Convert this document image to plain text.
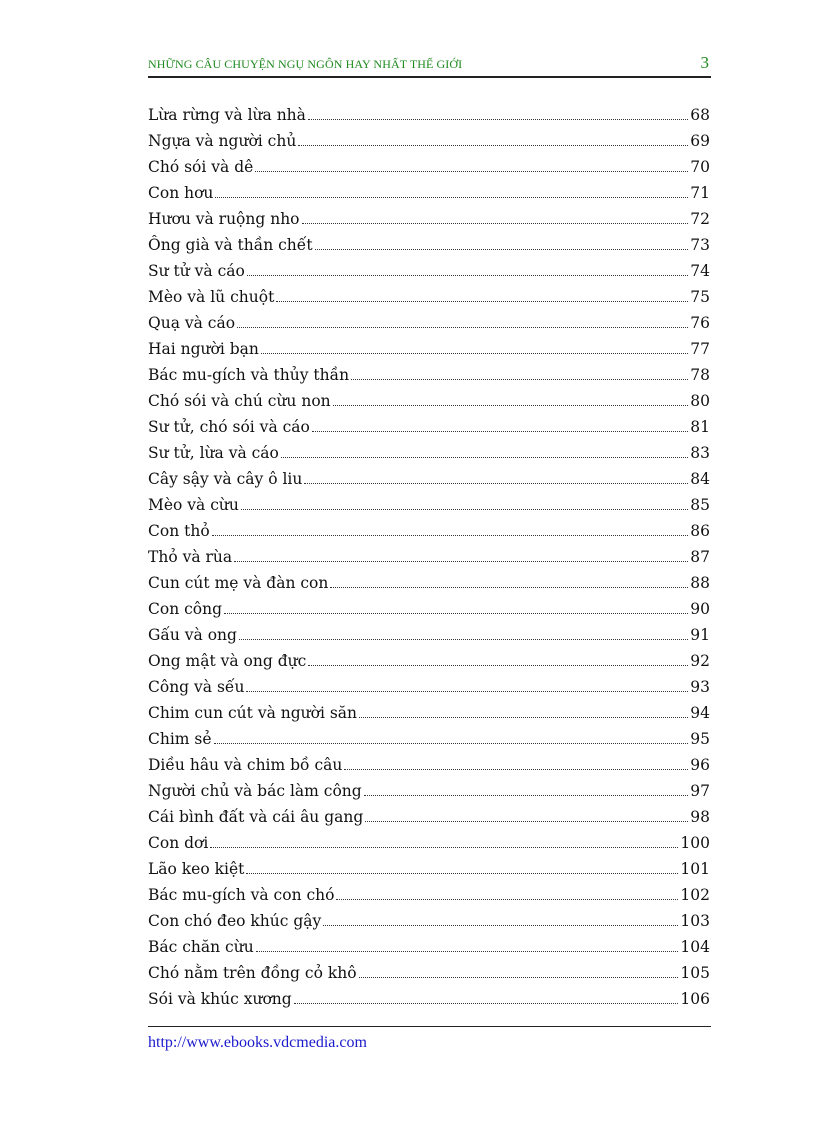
NHỮNG CÂU CHUYỆN NGỤ NGÔN HAY NHẤT THẾ GIỚI	3
Lừa rừng và lừa nhà	68
Ngựa và người chủ	69
Chó sói và dê	70
Con hơu	71
Hươu và ruộng nho	72
Ông già và thần chết	73
Sư tử và cáo	74
Mèo và lũ chuột	75
Quạ và cáo	76
Hai người bạn	77
Bác mu-gích và thủy thần	78
Chó sói và chú cừu non	80
Sư tử, chó sói và cáo	81
Sư tử, lừa và cáo	83
Cây sậy và cây ô liu	84
Mèo và cừu	85
Con thỏ	86
Thỏ và rùa	87
Cun cút mẹ và đàn con	88
Con công	90
Gấu và ong	91
Ong mật và ong đực	92
Công và sếu	93
Chim cun cút và người săn	94
Chim sẻ	95
Diều hâu và chim bồ câu	96
Người chủ và bác làm công	97
Cái bình đất và cái âu gang	98
Con dơi	100
Lão keo kiệt	101
Bác mu-gích và con chó	102
Con chó đeo khúc gậy	103
Bác chăn cừu	104
Chó nằm trên đồng cỏ khô	105
Sói và khúc xương	106
http://www.ebooks.vdcmedia.com
